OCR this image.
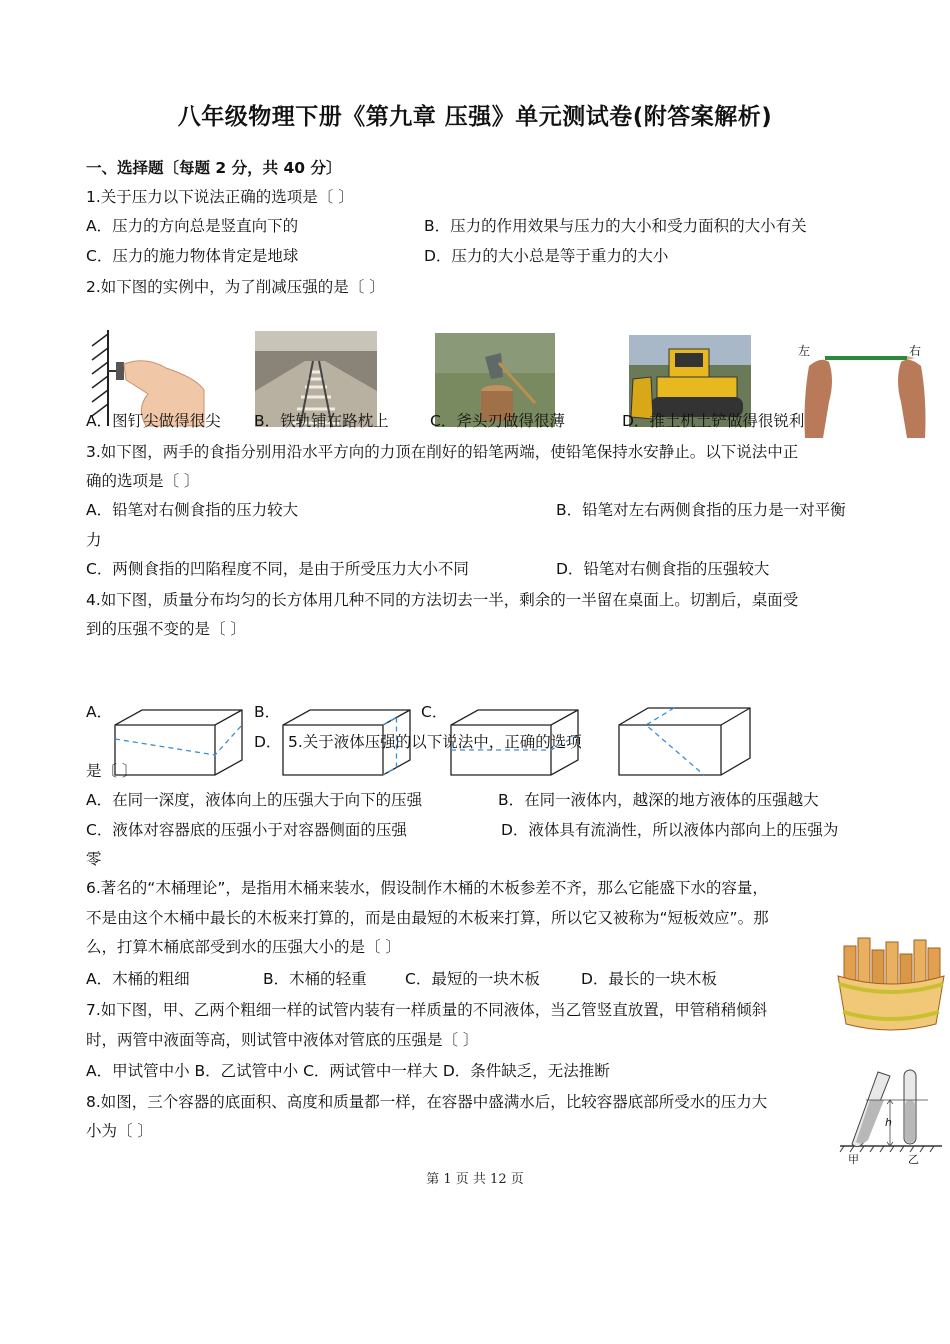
八年级物理下册《第九章 压强》单元测试卷(附答案解析)
一、选择题〔每题 2 分，共 40 分〕
1.关于压力以下说法正确的选项是〔 〕
A．压力的方向总是竖直向下的	B．压力的作用效果与压力的大小和受力面积的大小有关
C．压力的施力物体肯定是地球	D．压力的大小总是等于重力的大小
2.如下图的实例中，为了削减压强的是〔 〕
左	右
A．图钉尖做得很尖 B．铁轨铺在路枕上	C．斧头刃做得很薄	D．推土机土铲做得很锐利
3.如下图，两手的食指分别用沿水平方向的力顶在削好的铅笔两端，使铅笔保持水安静止。以下说法中正
确的选项是〔 〕
A．铅笔对右侧食指的压力较大	B．铅笔对左右两侧食指的压力是一对平衡
力
C．两侧食指的凹陷程度不同，是由于所受压力大小不同	D．铅笔对右侧食指的压强较大
4.如下图，质量分布均匀的长方体用几种不同的方法切去一半，剩余的一半留在桌面上。切割后，桌面受
到的压强不变的是〔 〕
A．	B．	C．
D． 5.关于液体压强的以下说法中，正确的选项
是〔 〕
A．在同一深度，液体向上的压强大于向下的压强	B．在同一液体内，越深的地方液体的压强越大
C．液体对容器底的压强小于对容器侧面的压强	D．液体具有流淌性，所以液体内部向上的压强为
零
6.著名的“木桶理论”，是指用木桶来装水，假设制作木桶的木板参差不齐，那么它能盛下水的容量，
不是由这个木桶中最长的木板来打算的，而是由最短的木板来打算，所以它又被称为“短板效应”。那
么，打算木桶底部受到水的压强大小的是〔 〕
A．木桶的粗细	B．木桶的轻重 C．最短的一块木板	D．最长的一块木板
7.如下图，甲、乙两个粗细一样的试管内装有一样质量的不同液体，当乙管竖直放置，甲管稍稍倾斜
时，两管中液面等高，则试管中液体对管底的压强是〔 〕
A．甲试管中小 B．乙试管中小 C．两试管中一样大 D．条件缺乏，无法推断
h
甲	乙
8.如图，三个容器的底面积、高度和质量都一样，在容器中盛满水后，比较容器底部所受水的压力大
小为〔 〕
第 1 页 共 12 页
